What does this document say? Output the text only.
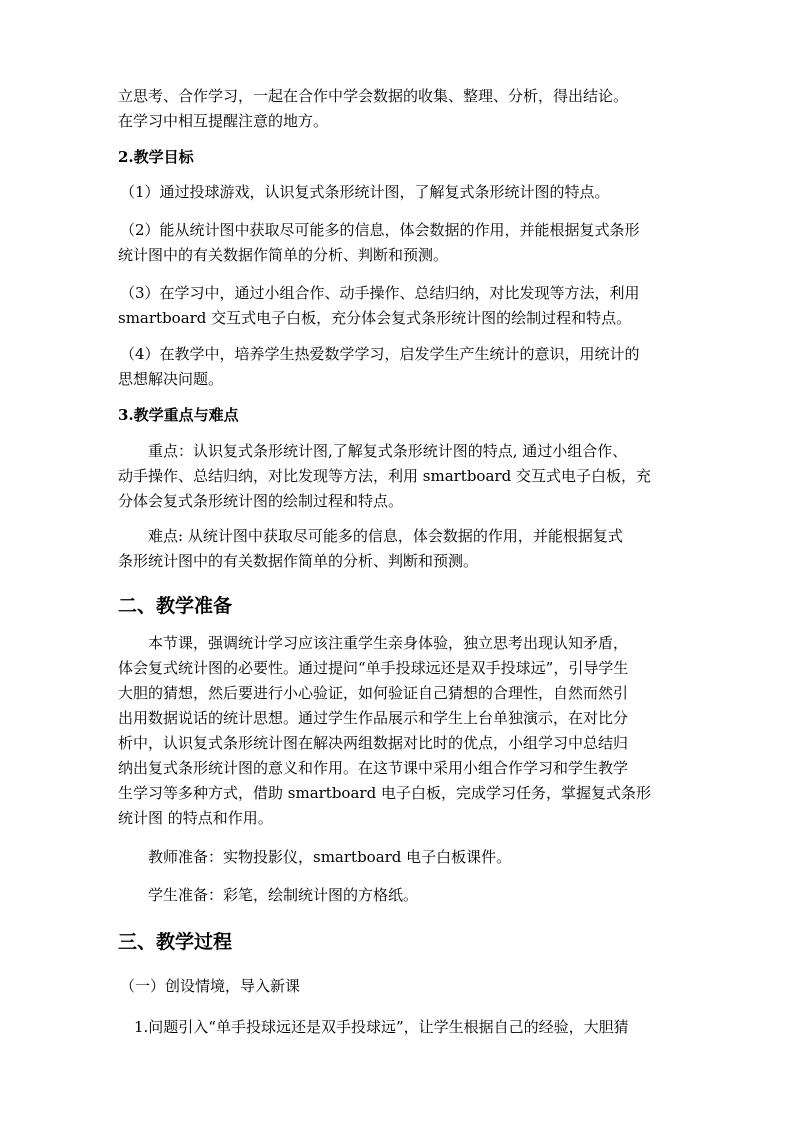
立思考、合作学习，一起在合作中学会数据的收集、整理、分析，得出结论。

在学习中相互提醒注意的地方。

2.教学目标

（1）通过投球游戏，认识复式条形统计图，了解复式条形统计图的特点。

（2）能从统计图中获取尽可能多的信息，体会数据的作用，并能根据复式条形

统计图中的有关数据作简单的分析、判断和预测。

（3）在学习中，通过小组合作、动手操作、总结归纳，对比发现等方法，利用

smartboard 交互式电子白板，充分体会复式条形统计图的绘制过程和特点。

（4）在教学中，培养学生热爱数学学习，启发学生产生统计的意识，用统计的

思想解决问题。

3.教学重点与难点

重点：认识复式条形统计图,了解复式条形统计图的特点, 通过小组合作、

动手操作、总结归纳，对比发现等方法，利用 smartboard 交互式电子白板，充

分体会复式条形统计图的绘制过程和特点。

难点: 从统计图中获取尽可能多的信息，体会数据的作用，并能根据复式

条形统计图中的有关数据作简单的分析、判断和预测。

二、教学准备

本节课，强调统计学习应该注重学生亲身体验，独立思考出现认知矛盾，

体会复式统计图的必要性。通过提问“单手投球远还是双手投球远”，引导学生

大胆的猜想，然后要进行小心验证，如何验证自己猜想的合理性，自然而然引

出用数据说话的统计思想。通过学生作品展示和学生上台单独演示，在对比分

析中，认识复式条形统计图在解决两组数据对比时的优点，小组学习中总结归

纳出复式条形统计图的意义和作用。在这节课中采用小组合作学习和学生教学

生学习等多种方式，借助 smartboard 电子白板，完成学习任务，掌握复式条形

统计图 的特点和作用。

教师准备：实物投影仪，smartboard 电子白板课件。

学生准备：彩笔，绘制统计图的方格纸。

三、教学过程

（一）创设情境，导入新课

1.问题引入“单手投球远还是双手投球远”，让学生根据自己的经验，大胆猜
